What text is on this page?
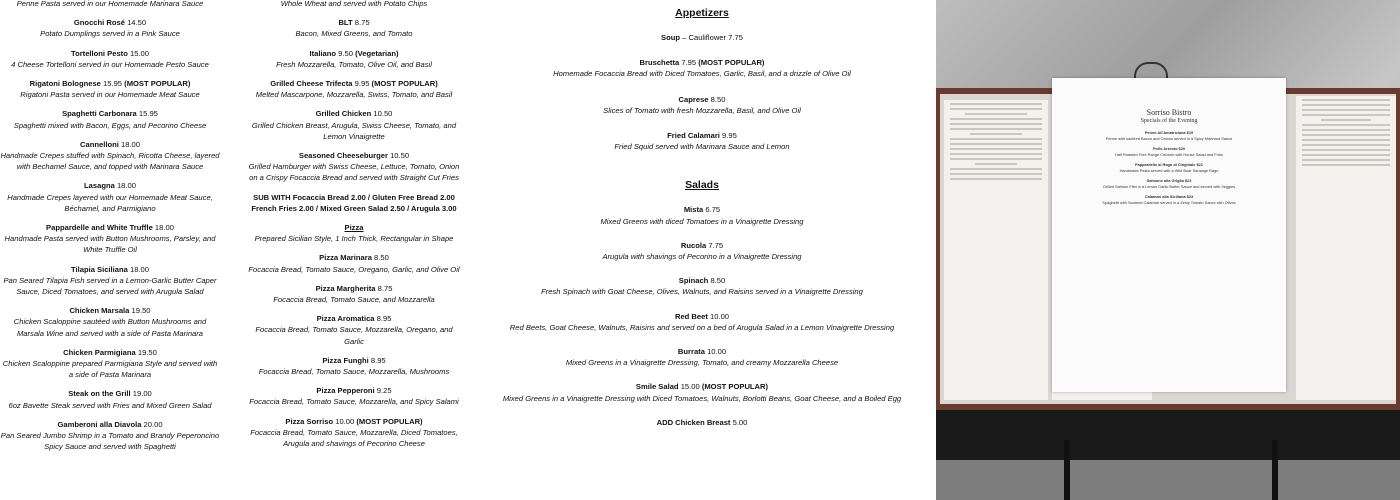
Penne Pasta served in our Homemade Marinara Sauce
Gnocchi Rosé 14.50
Potato Dumplings served in a Pink Sauce
Tortelloni Pesto 15.00
4 Cheese Tortelloni served in our Homemade Pesto Sauce
Rigatoni Bolognese 15.95 (MOST POPULAR)
Rigatoni Pasta served in our Homemade Meat Sauce
Spaghetti Carbonara 15.95
Spaghetti mixed with Bacon, Eggs, and Pecorino Cheese
Cannelloni 18.00
Handmade Crepes stuffed with Spinach, Ricotta Cheese, layered with Bechamel Sauce, and topped with Marinara Sauce
Lasagna 18.00
Handmade Crepes layered with our Homemade Meat Sauce, Béchamel, and Parmigiano
Pappardelle and White Truffle 18.00
Handmade Pasta served with Button Mushrooms, Parsley, and White Truffle Oil
Tilapia Siciliana 18.00
Pan Seared Tilapia Fish served in a Lemon-Garlic Butter Caper Sauce, Diced Tomatoes, and served with Arugula Salad
Chicken Marsala 19.50
Chicken Scaloppine sautéed with Button Mushrooms and Marsala Wine and served with a side of Pasta Marinara
Chicken Parmigiana 19.50
Chicken Scaloppine prepared Parmigiana Style and served with a side of Pasta Marinara
Steak on the Grill 19.00
6oz Bavette Steak served with Fries and Mixed Green Salad
Gamberoni alla Diavola 20.00
Pan Seared Jumbo Shrimp in a Tomato and Brandy Peperoncino Spicy Sauce and served with Spaghetti
Whole Wheat and served with Potato Chips
BLT 8.75
Bacon, Mixed Greens, and Tomato
Italiano 9.50 (Vegetarian)
Fresh Mozzarella, Tomato, Olive Oil, and Basil
Grilled Cheese Trifecta 9.95 (MOST POPULAR)
Melted Mascarpone, Mozzarella, Swiss, Tomato, and Basil
Grilled Chicken 10.50
Grilled Chicken Breast, Arugula, Swiss Cheese, Tomato, and Lemon Vinaigrette
Seasoned Cheeseburger 10.50
Grilled Hamburger with Swiss Cheese, Lettuce, Tomato, Onion on a Crispy Focaccia Bread and served with Straight Cut Fries
SUB WITH Focaccia Bread 2.00 / Gluten Free Bread 2.00 French Fries 2.00 / Mixed Green Salad 2.50 / Arugula 3.00
Pizza
Prepared Sicilian Style, 1 Inch Thick, Rectangular in Shape
Pizza Marinara 8.50
Focaccia Bread, Tomato Sauce, Oregano, Garlic, and Olive Oil
Pizza Margherita 8.75
Focaccia Bread, Tomato Sauce, and Mozzarella
Pizza Aromatica 8.95
Focaccia Bread, Tomato Sauce, Mozzarella, Oregano, and Garlic
Pizza Funghi 8.95
Focaccia Bread, Tomato Sauce, Mozzarella, Mushrooms
Pizza Pepperoni 9.25
Focaccia Bread, Tomato Sauce, Mozzarella, and Spicy Salami
Pizza Sorriso 10.00 (MOST POPULAR)
Focaccia Bread, Tomato Sauce, Mozzarella, Diced Tomatoes, Arugula and shavings of Pecorino Cheese
Appetizers
Soup – Cauliflower 7.75
Bruschetta 7.95 (MOST POPULAR)
Homemade Focaccia Bread with Diced Tomatoes, Garlic, Basil, and a drizzle of Olive Oil
Caprese 8.50
Slices of Tomato with fresh Mozzarella, Basil, and Olive Oil
Fried Calamari 9.95
Fried Squid served with Marinara Sauce and Lemon
Salads
Mista 6.75
Mixed Greens with diced Tomatoes in a Vinaigrette Dressing
Rucola 7.75
Arugula with shavings of Pecorino in a Vinaigrette Dressing
Spinach 8.50
Fresh Spinach with Goat Cheese, Olives, Walnuts, and Raisins served in a Vinaigrette Dressing
Red Beet 10.00
Red Beets, Goat Cheese, Walnuts, Raisins and served on a bed of Arugula Salad in a Lemon Vinaigrette Dressing
Burrata 10.00
Mixed Greens in a Vinaigrette Dressing, Tomato, and creamy Mozzarella Cheese
Smile Salad 15.00 (MOST POPULAR)
Mixed Greens in a Vinaigrette Dressing with Diced Tomatoes, Walnuts, Borlotti Beans, Goat Cheese, and a Boiled Egg
ADD Chicken Breast 5.00
Sorriso Bistro
Specials of the Evening
Penne All'Amatriciana $19
Penne with sautéed Bacon and Onions served in a Spicy Marinara Sauce
Pollo Arrosto $20
Half Roasted Free Range Chicken with House Salad and Fries
Pappardelle al Ragu di Cinghiale $21
Handmade Pasta served with a Wild Boar Sausage Ragu
Salmone alla Griglia $23
Grilled Salmon Filet in a Lemon Garlic Butter Sauce and served with Veggies
Calamari alla Siciliana $23
Spaghetti with Sauteed Calamari served in a Zesty Tomato Sauce with Olives
